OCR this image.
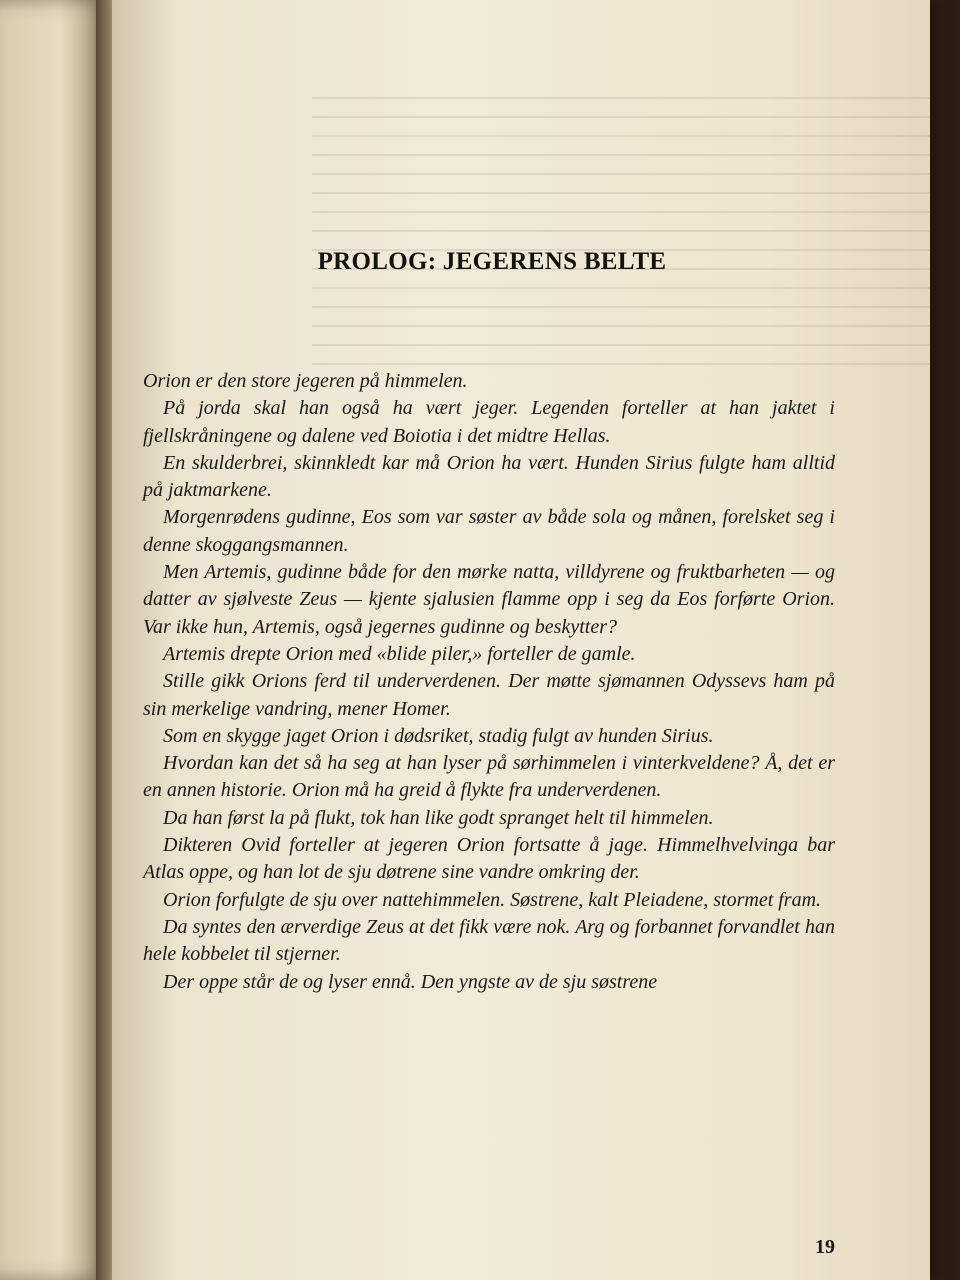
PROLOG: JEGERENS BELTE

Orion er den store jegeren på himmelen.

På jorda skal han også ha vært jeger. Legenden forteller at han jaktet i fjellskråningene og dalene ved Boiotia i det midtre Hellas.

En skulderbrei, skinnkledt kar må Orion ha vært. Hunden Sirius fulgte ham alltid på jaktmarkene.

Morgenrødens gudinne, Eos som var søster av både sola og månen, forelsket seg i denne skoggangsmannen.

Men Artemis, gudinne både for den mørke natta, villdyrene og fruktbarheten — og datter av sjølveste Zeus — kjente sjalusien flamme opp i seg da Eos forførte Orion. Var ikke hun, Artemis, også jegernes gudinne og beskytter?

Artemis drepte Orion med «blide piler,» forteller de gamle.

Stille gikk Orions ferd til underverdenen. Der møtte sjømannen Odyssevs ham på sin merkelige vandring, mener Homer.

Som en skygge jaget Orion i dødsriket, stadig fulgt av hunden Sirius.

Hvordan kan det så ha seg at han lyser på sørhimmelen i vinterkveldene? Å, det er en annen historie. Orion må ha greid å flykte fra underverdenen.

Da han først la på flukt, tok han like godt spranget helt til himmelen.

Dikteren Ovid forteller at jegeren Orion fortsatte å jage. Himmelhvelvinga bar Atlas oppe, og han lot de sju døtrene sine vandre omkring der.

Orion forfulgte de sju over nattehimmelen. Søstrene, kalt Pleiadene, stormet fram.

Da syntes den ærverdige Zeus at det fikk være nok. Arg og forbannet forvandlet han hele kobbelet til stjerner.

Der oppe står de og lyser ennå. Den yngste av de sju søstrene

19
